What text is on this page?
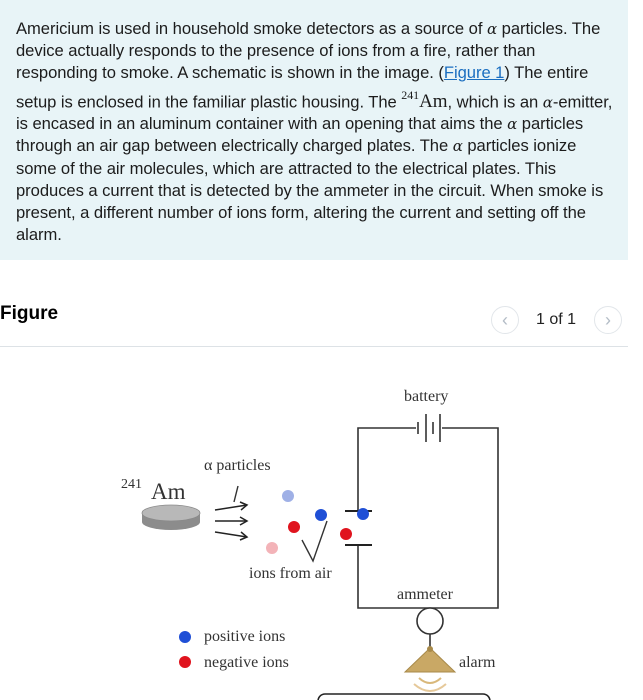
Americium is used in household smoke detectors as a source of α particles. The device actually responds to the presence of ions from a fire, rather than responding to smoke. A schematic is shown in the image. (Figure 1) The entire setup is enclosed in the familiar plastic housing. The $^{241}$Am, which is an α-emitter, is encased in an aluminum container with an opening that aims the α particles through an air gap between electrically charged plates. The α particles ionize some of the air molecules, which are attracted to the electrical plates. This produces a current that is detected by the ammeter in the circuit. When smoke is present, a different number of ions form, altering the current and setting off the alarm.

Figure	‹ 1 of 1 ›
battery
241 Am
α particles
ions from air
ammeter
alarm
positive ions
negative ions
